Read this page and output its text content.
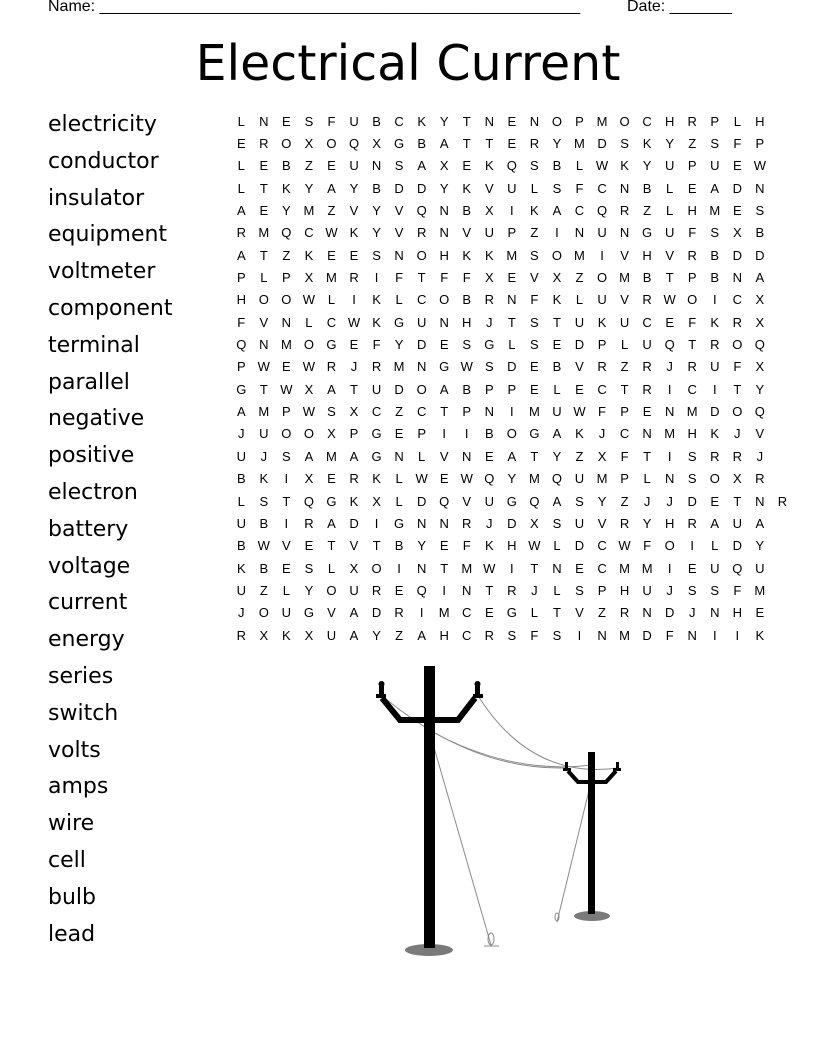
Name: ______________________________________________________	Date: _______
Electrical Current
electricity
conductor
insulator
equipment
voltmeter
component
terminal
parallel
negative
positive
electron
battery
voltage
current
energy
series
switch
volts
amps
wire
cell
bulb
lead
L	N	E	S	F	U	B	C	K	Y	T	N	E	N	O	P	M	O	C	H	R	P	L	H	
E	R	O	X	O	Q	X	G	B	A	T	T	E	R	Y	M	D	S	K	Y	Z	S	F	P	
L	E	B	Z	E	U	N	S	A	X	E	K	Q	S	B	L	W	K	Y	U	P	U	E	W	
L	T	K	Y	A	Y	B	D	D	Y	K	V	U	L	S	F	C	N	B	L	E	A	D	N	
A	E	Y	M	Z	V	Y	V	Q	N	B	X	I	K	A	C	Q	R	Z	L	H	M	E	S	
R	M	Q	C	W	K	Y	V	R	N	V	U	P	Z	I	N	U	N	G	U	F	S	X	B	
A	T	Z	K	E	E	S	N	O	H	K	K	M	S	O	M	I	V	H	V	R	B	D	D	
P	L	P	X	M	R	I	F	T	F	F	X	E	V	X	Z	O	M	B	T	P	B	N	A	
H	O	O	W	L	I	K	L	C	O	B	R	N	F	K	L	U	V	R	W	O	I	C	X	
F	V	N	L	C	W	K	G	U	N	H	J	T	S	T	U	K	U	C	E	F	K	R	X	
Q	N	M	O	G	E	F	Y	D	E	S	G	L	S	E	D	P	L	U	Q	T	R	O	Q	
P	W	E	W	R	J	R	M	N	G	W	S	D	E	B	V	R	Z	R	J	R	U	F	X	
G	T	W	X	A	T	U	D	O	A	B	P	P	E	L	E	C	T	R	I	C	I	T	Y	
A	M	P	W	S	X	C	Z	C	T	P	N	I	M	U	W	F	P	E	N	M	D	O	Q	
J	U	O	O	X	P	G	E	P	I	I	B	O	G	A	K	J	C	N	M	H	K	J	V	
U	J	S	A	M	A	G	N	L	V	N	E	A	T	Y	Z	X	F	T	I	S	R	R	J	
B	K	I	X	E	R	K	L	W	E	W	Q	Y	M	Q	U	M	P	L	N	S	O	X	R	
L	S	T	Q	G	K	X	L	D	Q	V	U	G	Q	A	S	Y	Z	J	J	D	E	T	N	R
U	B	I	R	A	D	I	G	N	N	R	J	D	X	S	U	V	R	Y	H	R	A	U	A	
B	W	V	E	T	V	T	B	Y	E	F	K	H	W	L	D	C	W	F	O	I	L	D	Y	
K	B	E	S	L	X	O	I	N	T	M	W	I	T	N	E	C	M	M	I	E	U	Q	U	
U	Z	L	Y	O	U	R	E	Q	I	N	T	R	J	L	S	P	H	U	J	S	S	F	M	
J	O	U	G	V	A	D	R	I	M	C	E	G	L	T	V	Z	R	N	D	J	N	H	E	
R	X	K	X	U	A	Y	Z	A	H	C	R	S	F	S	I	N	M	D	F	N	I	I	K	
